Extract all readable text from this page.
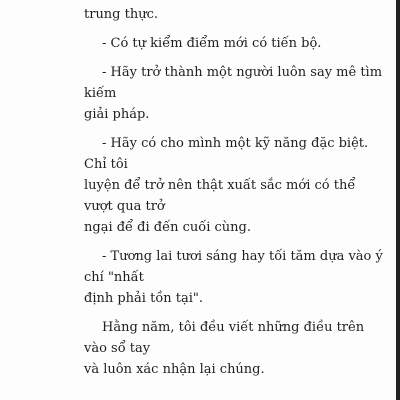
trung thực.

- Có tự kiểm điểm mới có tiến bộ.

- Hãy trở thành một người luôn say mê tìm kiếm
giải pháp.

- Hãy có cho mình một kỹ năng đặc biệt. Chỉ tôi
luyện để trở nên thật xuất sắc mới có thể vượt qua trở
ngại để đi đến cuối cùng.

- Tương lai tươi sáng hay tối tăm dựa vào ý chí "nhất
định phải tồn tại".

Hằng năm, tôi đều viết những điều trên vào sổ tay
và luôn xác nhận lại chúng.
